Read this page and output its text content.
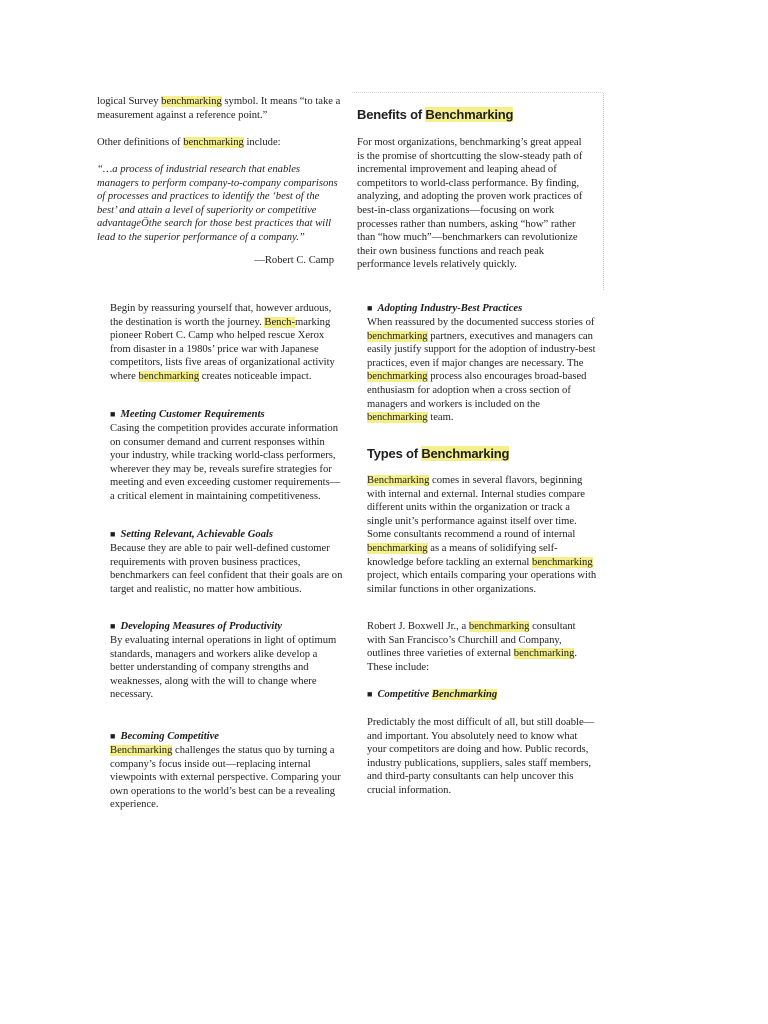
logical Survey benchmarking symbol. It means “to take a measurement against a reference point.”

Other definitions of benchmarking include:

“…a process of industrial research that enables managers to perform company-to-company comparisons of processes and practices to identify the ‘best of the best’ and attain a level of superiority or competitive advantageÖthe search for those best practices that will lead to the superior performance of a company.”

—Robert C. Camp

Benefits of Benchmarking

For most organizations, benchmarking’s great appeal is the promise of shortcutting the slow-steady path of incremental improvement and leaping ahead of competitors to world-class performance. By finding, analyzing, and adopting the proven work practices of best-in-class organizations—focusing on work processes rather than numbers, asking “how” rather than “how much”—benchmarkers can revolutionize their own business functions and reach peak performance levels relatively quickly.

Begin by reassuring yourself that, however arduous, the destination is worth the journey. Bench-marking pioneer Robert C. Camp who helped rescue Xerox from disaster in a 1980s’ price war with Japanese competitors, lists five areas of organizational activity where benchmarking creates noticeable impact.

■ Meeting Customer Requirements

Casing the competition provides accurate information on consumer demand and current responses within your industry, while tracking world-class performers, wherever they may be, reveals surefire strategies for meeting and even exceeding customer requirements—a critical element in maintaining competitiveness.

■ Setting Relevant, Achievable Goals

Because they are able to pair well-defined customer requirements with proven business practices, benchmarkers can feel confident that their goals are on target and realistic, no matter how ambitious.

■ Developing Measures of Productivity

By evaluating internal operations in light of optimum standards, managers and workers alike develop a better understanding of company strengths and weaknesses, along with the will to change where necessary.

■ Becoming Competitive

Benchmarking challenges the status quo by turning a company’s focus inside out—replacing internal viewpoints with external perspective. Comparing your own operations to the world’s best can be a revealing experience.

■ Adopting Industry-Best Practices

When reassured by the documented success stories of benchmarking partners, executives and managers can easily justify support for the adoption of industry-best practices, even if major changes are necessary. The benchmarking process also encourages broad-based enthusiasm for adoption when a cross section of managers and workers is included on the benchmarking team.

Types of Benchmarking

Benchmarking comes in several flavors, beginning with internal and external. Internal studies compare different units within the organization or track a single unit’s performance against itself over time. Some consultants recommend a round of internal benchmarking as a means of solidifying self-knowledge before tackling an external benchmarking project, which entails comparing your operations with similar functions in other organizations.

Robert J. Boxwell Jr., a benchmarking consultant with San Francisco’s Churchill and Company, outlines three varieties of external benchmarking. These include:

■ Competitive Benchmarking

Predictably the most difficult of all, but still doable—and important. You absolutely need to know what your competitors are doing and how. Public records, industry publications, suppliers, sales staff members, and third-party consultants can help uncover this crucial information.
